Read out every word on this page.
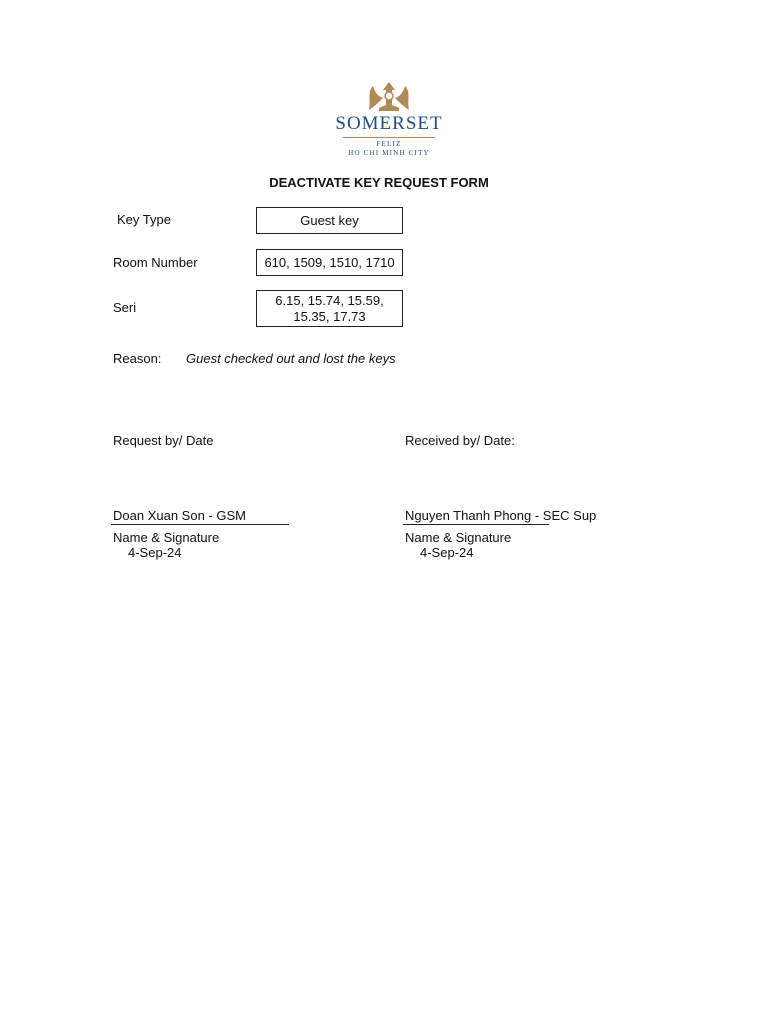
SOMERSET
FELIZ
HO CHI MINH CITY
DEACTIVATE KEY REQUEST FORM
Key Type	Guest key
Room Number	610, 1509, 1510, 1710
Seri	6.15, 15.74, 15.59,
15.35, 17.73
Reason: Guest checked out and lost the keys
Request by/ Date	Received by/ Date:
Doan Xuan Son - GSM
Name & Signature
4-Sep-24
Nguyen Thanh Phong - SEC Sup
Name & Signature
4-Sep-24
